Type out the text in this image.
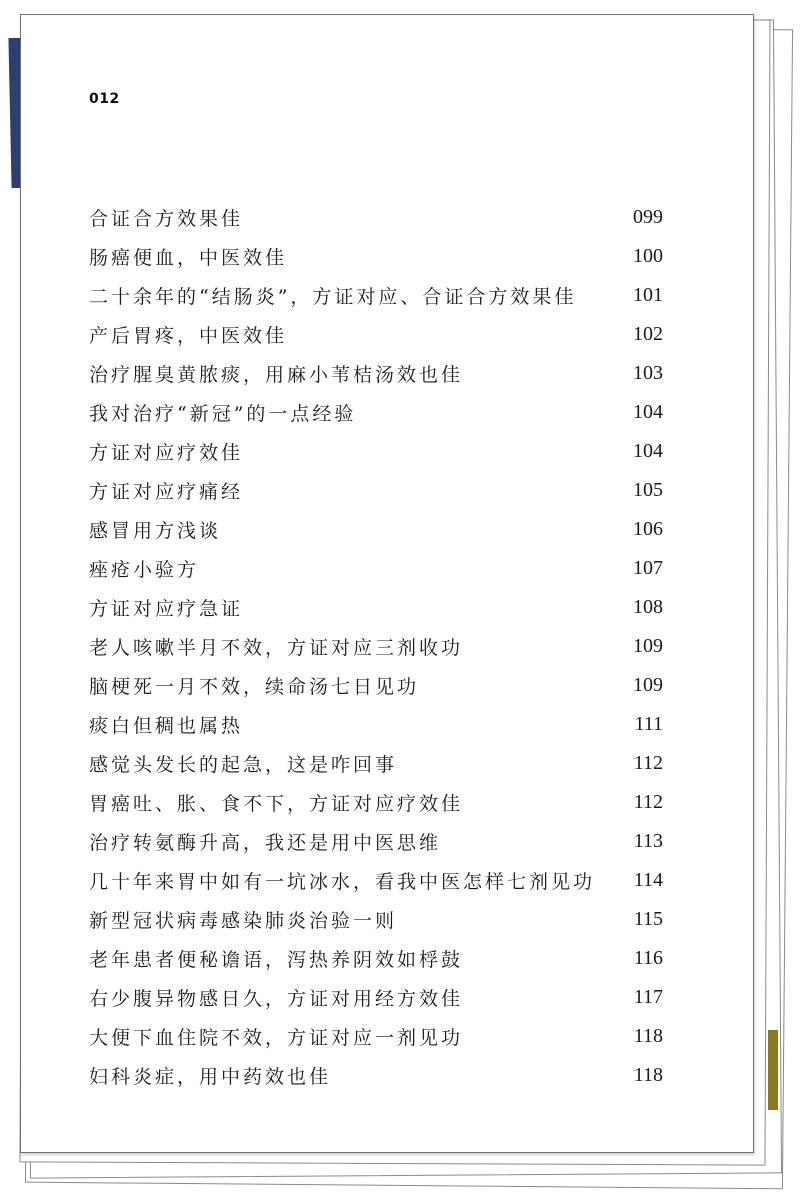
012
合证合方效果佳	099
肠癌便血，中医效佳	100
二十余年的“结肠炎”，方证对应、合证合方效果佳	101
产后胃疼，中医效佳	102
治疗腥臭黄脓痰，用麻小苇桔汤效也佳	103
我对治疗“新冠”的一点经验	104
方证对应疗效佳	104
方证对应疗痛经	105
感冒用方浅谈	106
痤疮小验方	107
方证对应疗急证	108
老人咳嗽半月不效，方证对应三剂收功	109
脑梗死一月不效，续命汤七日见功	109
痰白但稠也属热	111
感觉头发长的起急，这是咋回事	112
胃癌吐、胀、食不下，方证对应疗效佳	112
治疗转氨酶升高，我还是用中医思维	113
几十年来胃中如有一坑冰水，看我中医怎样七剂见功 114
新型冠状病毒感染肺炎治验一则	115
老年患者便秘谵语，泻热养阴效如桴鼓	116
右少腹异物感日久，方证对用经方效佳	117
大便下血住院不效，方证对应一剂见功	118
妇科炎症，用中药效也佳	118
